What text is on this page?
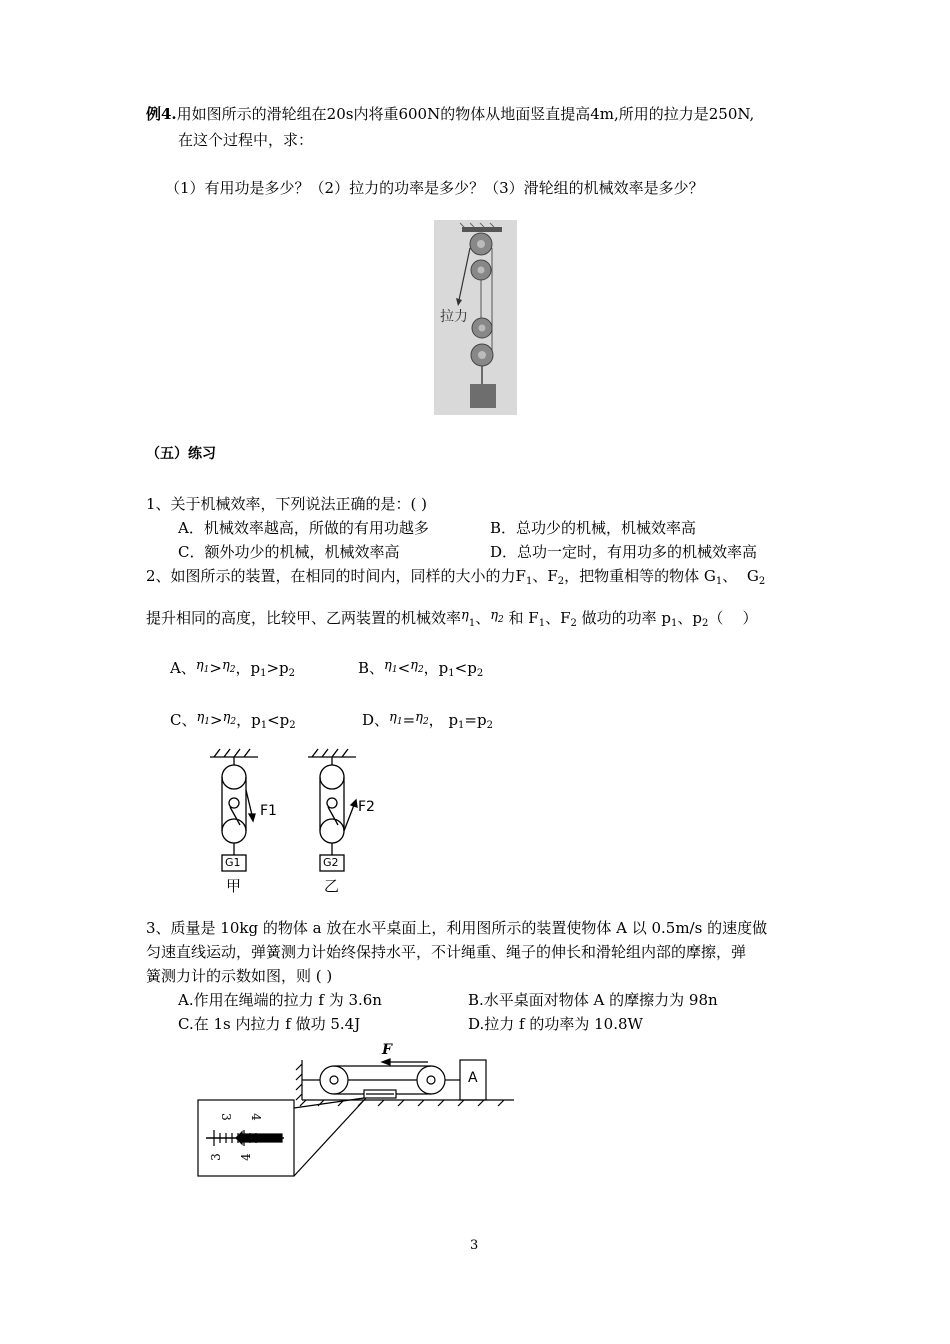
例4.用如图所示的滑轮组在20s内将重600N的物体从地面竖直提高4m,所用的拉力是250N,
在这个过程中，求：
（1）有用功是多少？（2）拉力的功率是多少？（3）滑轮组的机械效率是多少？
拉力
（五）练习
1、关于机械效率，下列说法正确的是：( )
A．机械效率越高，所做的有用功越多	B．总功少的机械，机械效率高
C．额外功少的机械，机械效率高	D．总功一定时，有用功多的机械效率高
2、如图所示的装置，在相同的时间内，同样的大小的力$F_1$、$F_2$，把物重相等的物体 $G_1$、  $G_2$
提升相同的高度，比较甲、乙两装置的机械效率$\eta_1$、$\eta_2$ 和 $F_1$、$F_2$ 做功的功率 $p_1$、$p_2$（    ）
A、$\eta_1>\eta_2$，$p_1>p_2$	B、$\eta_1<\eta_2$，$p_1<p_2$
C、$\eta_1>\eta_2$，$p_1<p_2$	D、$\eta_1=\eta_2$， $p_1=p_2$
F1	F2
G1	G2
甲	乙
3、质量是 10kg 的物体 a 放在水平桌面上，利用图所示的装置使物体 A 以 0.5m/s 的速度做
匀速直线运动，弹簧测力计始终保持水平，不计绳重、绳子的伸长和滑轮组内部的摩擦，弹
簧测力计的示数如图，则 ( )
A.作用在绳端的拉力 f 为 3.6n	B.水平桌面对物体 A 的摩擦力为 98n
C.在 1s 内拉力 f 做功 5.4J	D.拉力 f 的功率为 10.8W
F
A
3 4
3 4
3
